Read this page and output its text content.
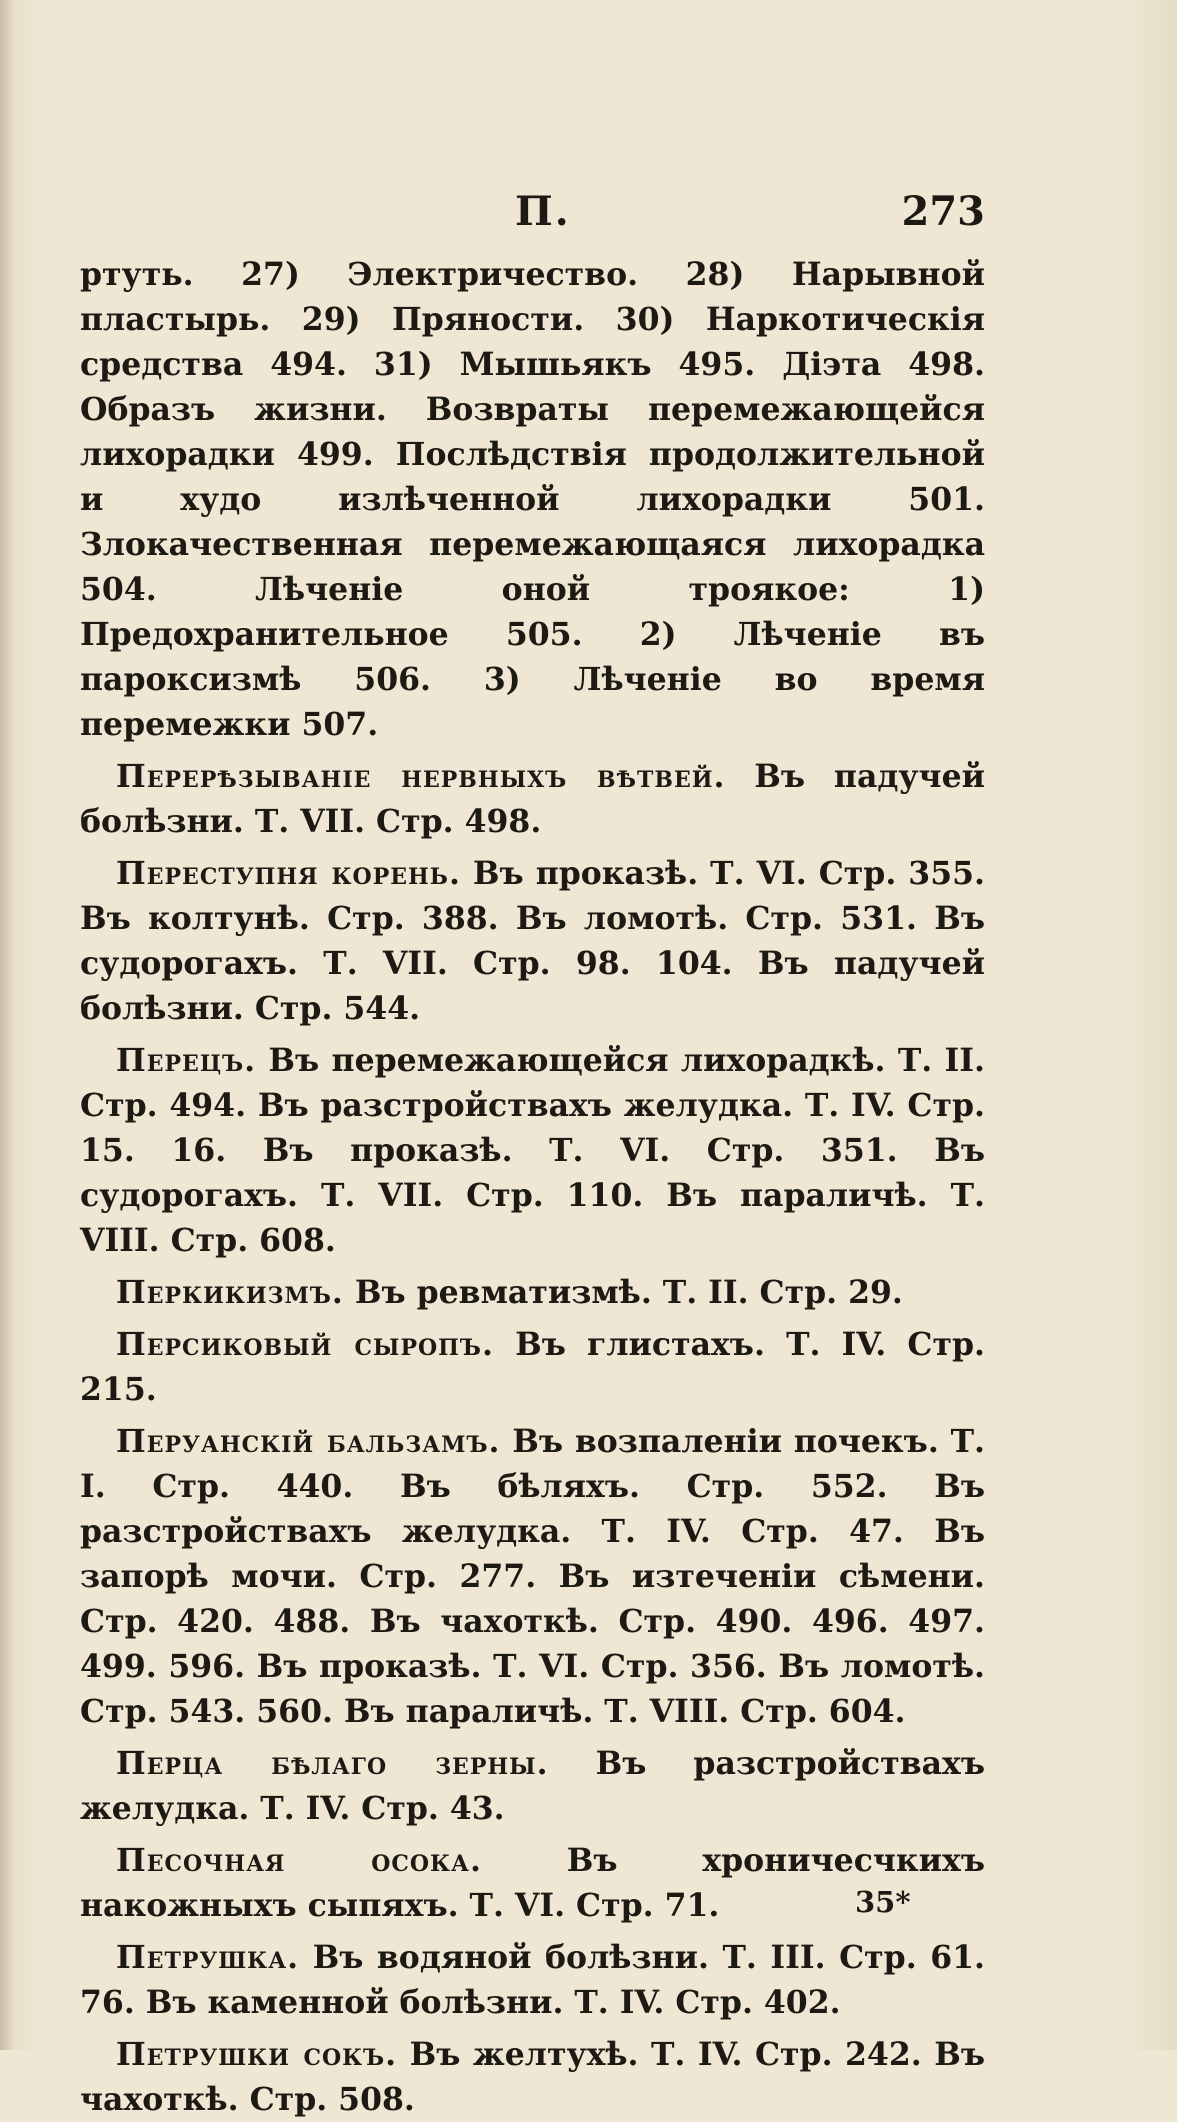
П.	273

ртуть. 27) Электричество. 28) Нарывной пластырь. 29) Пряности. 30) Наркотическія средства 494. 31) Мышьякъ 495. Діэта 498. Образъ жизни. Возвраты перемежающейся лихорадки 499. Послѣдствія продолжительной и худо излѣченной лихорадки 501. Злокачественная перемежающаяся лихорадка 504. Лѣченіе оной троякое: 1) Предохранительное 505. 2) Лѣченіе въ пароксизмѣ 506. 3) Лѣченіе во время перемежки 507.

Перерѣзываніе нервныхъ вѣтвей. Въ падучей болѣзни. Т. VII. Стр. 498.

Переступня корень. Въ проказѣ. Т. VI. Стр. 355. Въ колтунѣ. Стр. 388. Въ ломотѣ. Стр. 531. Въ судорогахъ. Т. VII. Стр. 98. 104. Въ падучей болѣзни. Стр. 544.

Перецъ. Въ перемежающейся лихорадкѣ. Т. II. Стр. 494. Въ разстройствахъ желудка. Т. IV. Стр. 15. 16. Въ проказѣ. Т. VI. Стр. 351. Въ судорогахъ. Т. VII. Стр. 110. Въ параличѣ. Т. VIII. Стр. 608.

Перкикизмъ. Въ ревматизмѣ. Т. II. Стр. 29.

Персиковый сыропъ. Въ глистахъ. Т. IV. Стр. 215.

Перуанскій бальзамъ. Въ возпаленіи почекъ. Т. I. Стр. 440. Въ бѣляхъ. Стр. 552. Въ разстройствахъ желудка. Т. IV. Стр. 47. Въ запорѣ мочи. Стр. 277. Въ изтеченіи сѣмени. Стр. 420. 488. Въ чахоткѣ. Стр. 490. 496. 497. 499. 596. Въ проказѣ. Т. VI. Стр. 356. Въ ломотѣ. Стр. 543. 560. Въ параличѣ. Т. VIII. Стр. 604.

Перца бѣлаго зерны. Въ разстройствахъ желудка. Т. IV. Стр. 43.

Песочная осока. Въ хроничесчкихъ накожныхъ сыпяхъ. Т. VI. Стр. 71.

Петрушка. Въ водяной болѣзни. Т. III. Стр. 61. 76. Въ каменной болѣзни. Т. IV. Стр. 402.

Петрушки сокъ. Въ желтухѣ. Т. IV. Стр. 242. Въ чахоткѣ. Стр. 508.

35*
